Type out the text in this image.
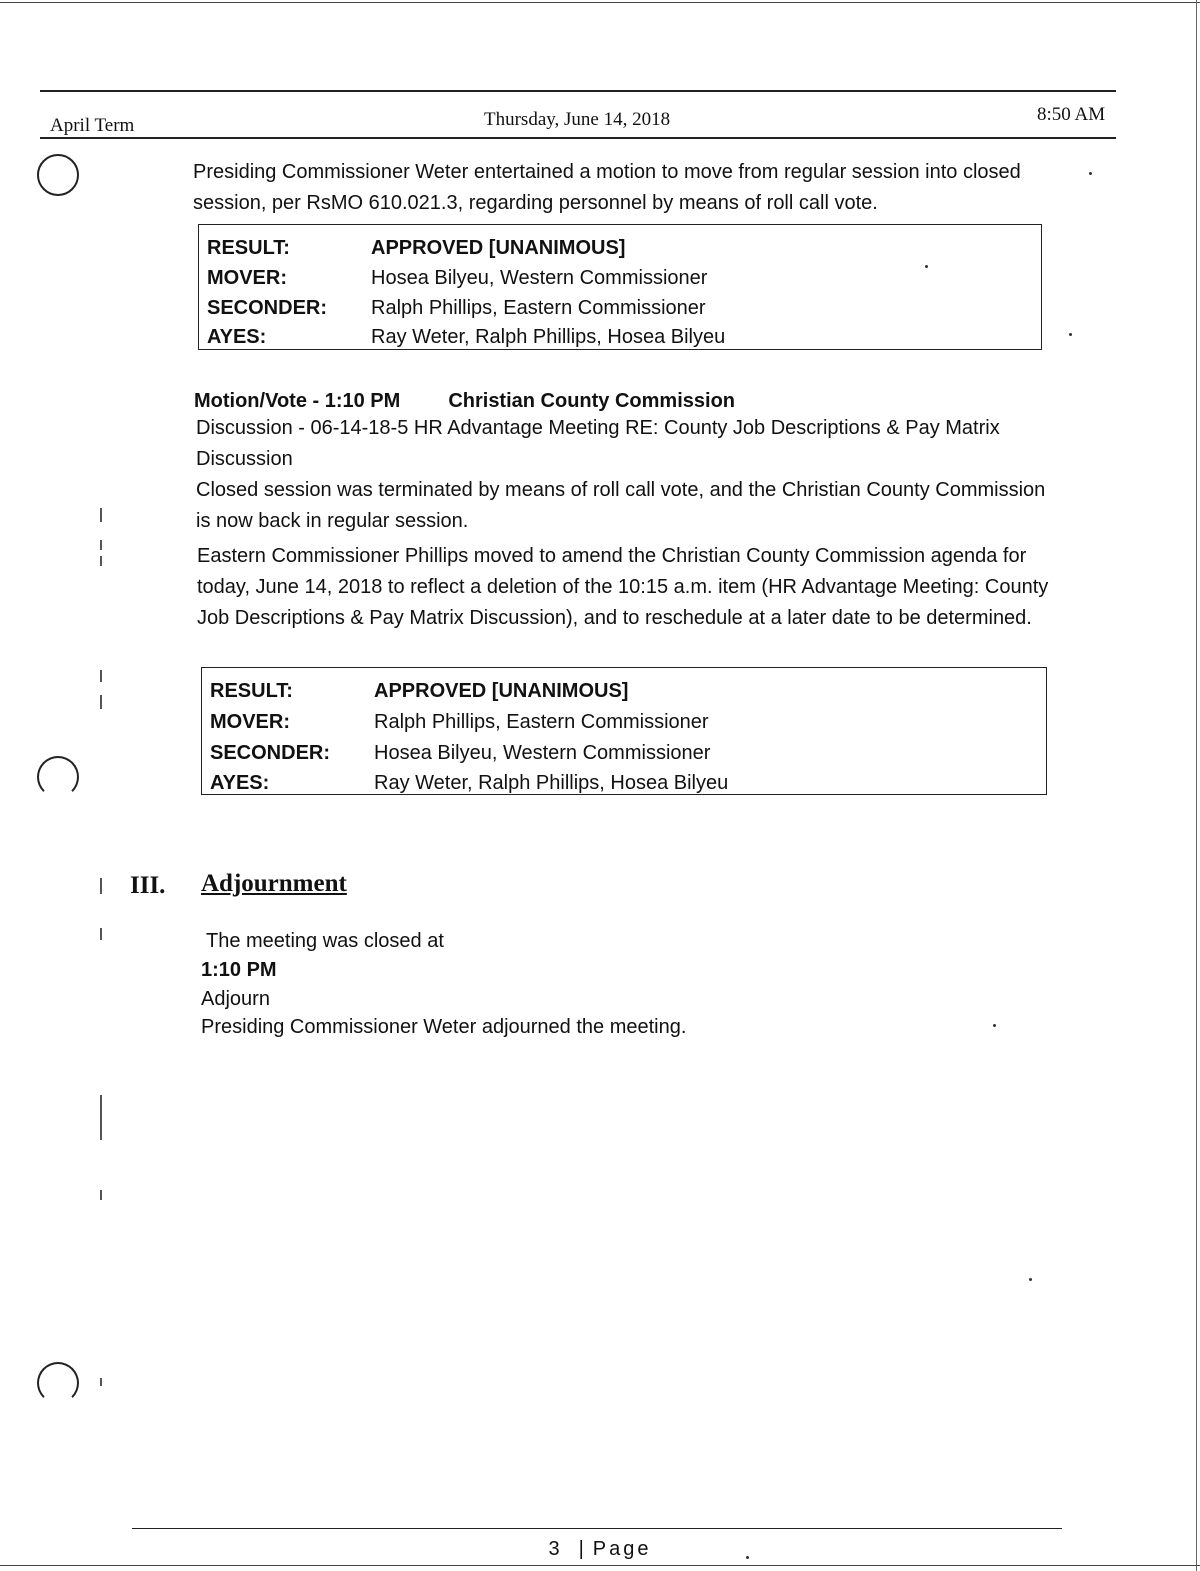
April Term	Thursday, June 14, 2018	8:50 AM
Presiding Commissioner Weter entertained a motion to move from regular session into closed session, per RsMO 610.021.3, regarding personnel by means of roll call vote.
RESULT:	APPROVED [UNANIMOUS]
MOVER:	Hosea Bilyeu, Western Commissioner
SECONDER: Ralph Phillips, Eastern Commissioner
AYES:	Ray Weter, Ralph Phillips, Hosea Bilyeu
Motion/Vote - 1:10 PM Christian County Commission
Discussion - 06-14-18-5 HR Advantage Meeting RE: County Job Descriptions & Pay Matrix Discussion
Closed session was terminated by means of roll call vote, and the Christian County Commission is now back in regular session.
Eastern Commissioner Phillips moved to amend the Christian County Commission agenda for today, June 14, 2018 to reflect a deletion of the 10:15 a.m. item (HR Advantage Meeting: County Job Descriptions & Pay Matrix Discussion), and to reschedule at a later date to be determined.
RESULT:	APPROVED [UNANIMOUS]
MOVER:	Ralph Phillips, Eastern Commissioner
SECONDER: Hosea Bilyeu, Western Commissioner
AYES:	Ray Weter, Ralph Phillips, Hosea Bilyeu
III. Adjournment
The meeting was closed at
1:10 PM
Adjourn
Presiding Commissioner Weter adjourned the meeting.
3 | Page
